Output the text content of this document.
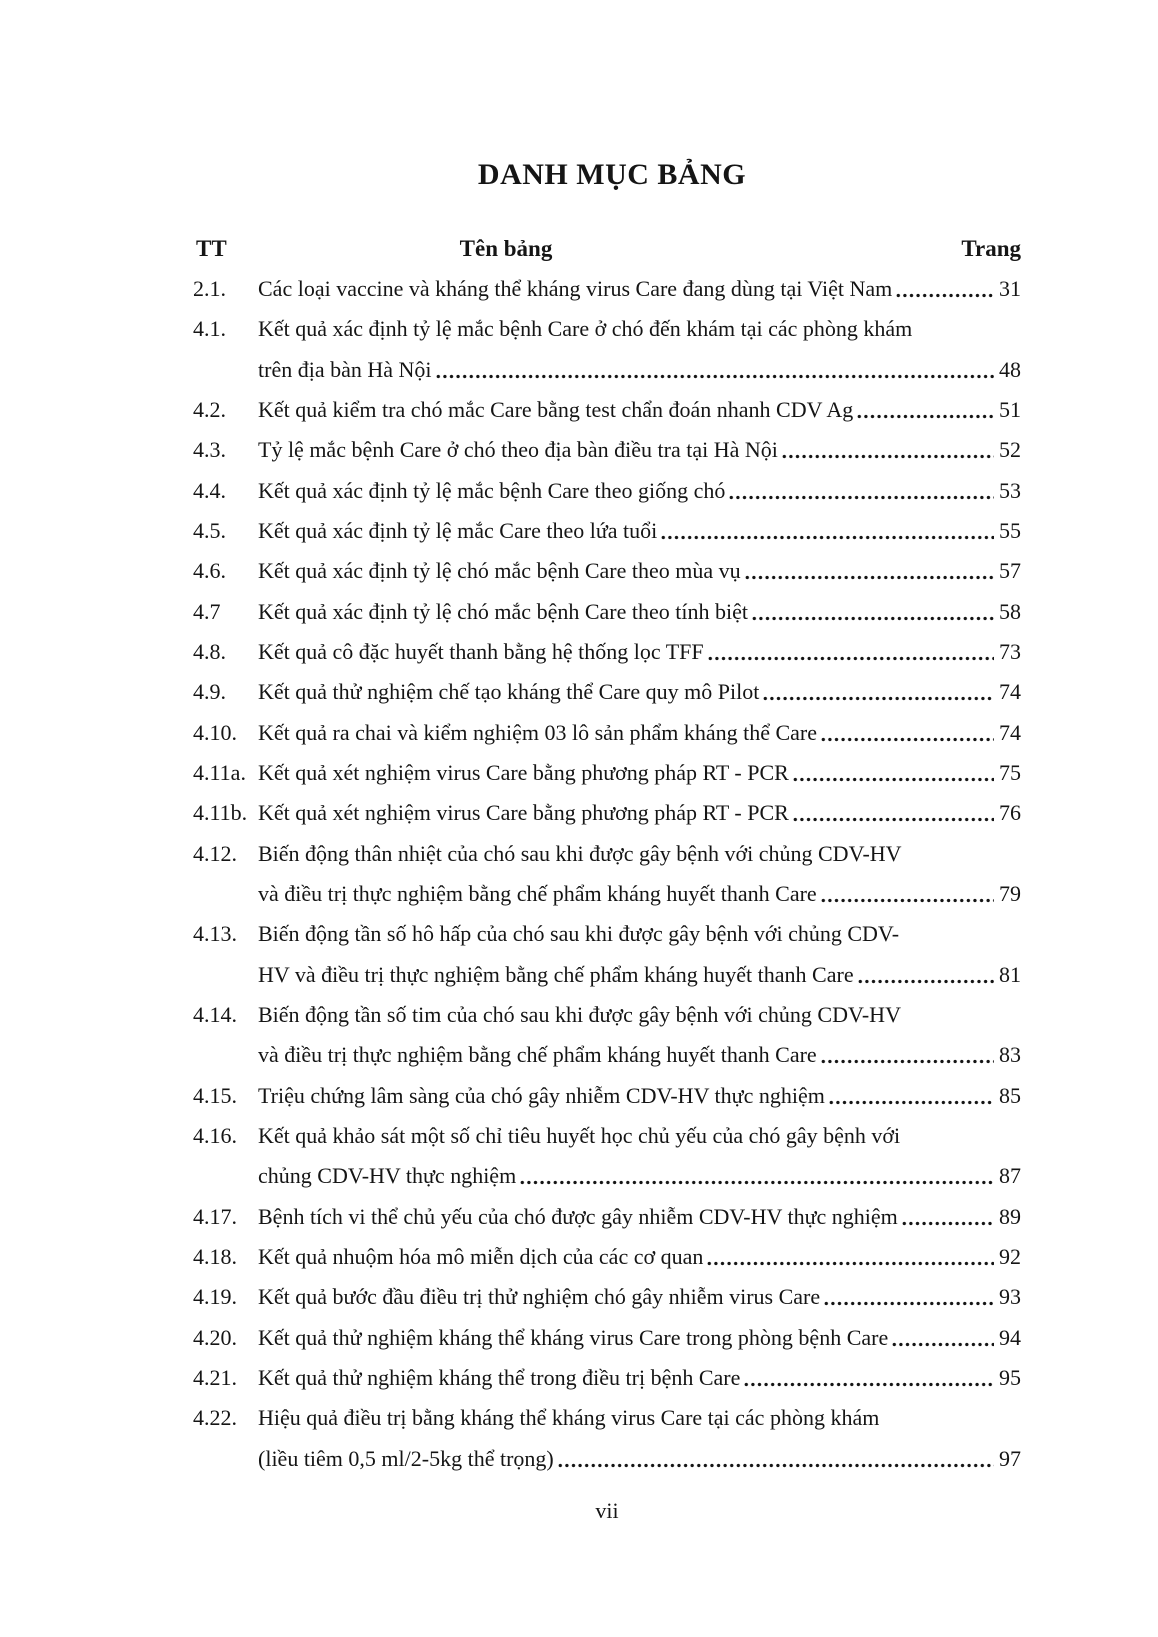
DANH MỤC BẢNG
TT	Tên bảng	Trang
2.1. Các loại vaccine và kháng thể kháng virus Care đang dùng tại Việt Nam	31
4.1. Kết quả xác định tỷ lệ mắc bệnh Care ở chó đến khám tại các phòng khám
trên địa bàn Hà Nội	48
4.2. Kết quả kiểm tra chó mắc Care bằng test chẩn đoán nhanh CDV Ag	51
4.3. Tỷ lệ mắc bệnh Care ở chó theo địa bàn điều tra tại Hà Nội	52
4.4. Kết quả xác định tỷ lệ mắc bệnh Care theo giống chó	53
4.5. Kết quả xác định tỷ lệ mắc Care theo lứa tuổi	55
4.6. Kết quả xác định tỷ lệ chó mắc bệnh Care theo mùa vụ	57
4.7 Kết quả xác định tỷ lệ chó mắc bệnh Care theo tính biệt	58
4.8. Kết quả cô đặc huyết thanh bằng hệ thống lọc TFF	73
4.9. Kết quả thử nghiệm chế tạo kháng thể Care quy mô Pilot	74
4.10. Kết quả ra chai và kiểm nghiệm 03 lô sản phẩm kháng thể Care	74
4.11a. Kết quả xét nghiệm virus Care bằng phương pháp RT - PCR	75
4.11b. Kết quả xét nghiệm virus Care bằng phương pháp RT - PCR	76
4.12. Biến động thân nhiệt của chó sau khi được gây bệnh với chủng CDV-HV
và điều trị thực nghiệm bằng chế phẩm kháng huyết thanh Care	79
4.13. Biến động tần số hô hấp của chó sau khi được gây bệnh với chủng CDV-
HV và điều trị thực nghiệm bằng chế phẩm kháng huyết thanh Care	81
4.14. Biến động tần số tim của chó sau khi được gây bệnh với chủng CDV-HV
và điều trị thực nghiệm bằng chế phẩm kháng huyết thanh Care	83
4.15. Triệu chứng lâm sàng của chó gây nhiễm CDV-HV thực nghiệm	85
4.16. Kết quả khảo sát một số chỉ tiêu huyết học chủ yếu của chó gây bệnh với
chủng CDV-HV thực nghiệm	87
4.17. Bệnh tích vi thể chủ yếu của chó được gây nhiễm CDV-HV thực nghiệm	89
4.18. Kết quả nhuộm hóa mô miễn dịch của các cơ quan	92
4.19. Kết quả bước đầu điều trị thử nghiệm chó gây nhiễm virus Care	93
4.20. Kết quả thử nghiệm kháng thể kháng virus Care trong phòng bệnh Care	94
4.21. Kết quả thử nghiệm kháng thể trong điều trị bệnh Care	95
4.22. Hiệu quả điều trị bằng kháng thể kháng virus Care tại các phòng khám
(liều tiêm 0,5 ml/2-5kg thể trọng)	97
vii
